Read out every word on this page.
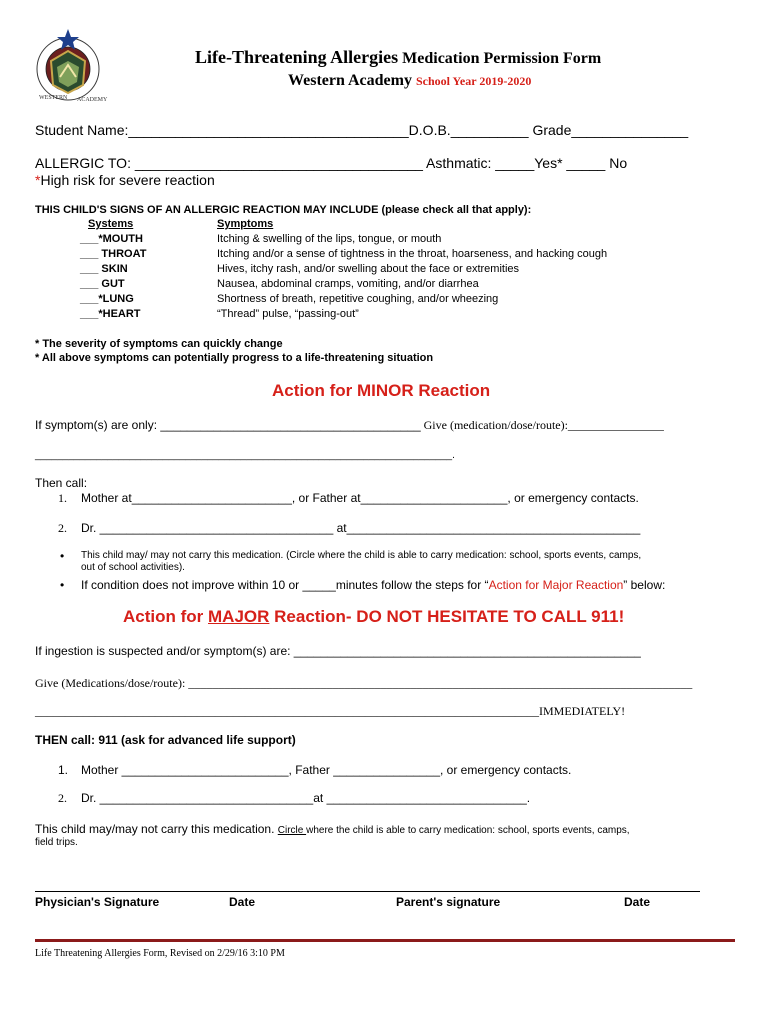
WESTERN ACADEMY
Life-Threatening Allergies Medication Permission Form
Western Academy School Year 2019-2020
Student Name:____________________________________D.O.B.__________ Grade_______________
ALLERGIC TO: _____________________________________ Asthmatic: _____Yes* _____ No
*High risk for severe reaction
THIS CHILD'S SIGNS OF AN ALLERGIC REACTION MAY INCLUDE (please check all that apply):
Systems	Symptoms
___*MOUTH	Itching & swelling of the lips, tongue, or mouth
___ THROAT	Itching and/or a sense of tightness in the throat, hoarseness, and hacking cough
___ SKIN	Hives, itchy rash, and/or swelling about the face or extremities
___ GUT	Nausea, abdominal cramps, vomiting, and/or diarrhea
___*LUNG	Shortness of breath, repetitive coughing, and/or wheezing
___*HEART	“Thread” pulse, “passing-out”
* The severity of symptoms can quickly change
* All above symptoms can potentially progress to a life-threatening situation
Action for MINOR Reaction
If symptom(s) are only: _______________________________________ Give (medication/dose/route):________________
___________________________________________________________________________.
Then call:
1. Mother at________________________, or Father at______________________, or emergency contacts.
2. Dr. ___________________________________ at____________________________________________
• This child may/ may not carry this medication. (Circle where the child is able to carry medication: school, sports events, camps,
out of school activities).
• If condition does not improve within 10 or _____minutes follow the steps for “Action for Major Reaction” below:
Action for MAJOR Reaction- DO NOT HESITATE TO CALL 911!
If ingestion is suspected and/or symptom(s) are: ____________________________________________________
Give (Medications/dose/route): ____________________________________________________________________________________
____________________________________________________________________________________IMMEDIATELY!
THEN call: 911 (ask for advanced life support)
1. Mother _________________________, Father ________________, or emergency contacts.
2. Dr. ________________________________at ______________________________.
This child may/may not carry this medication. Circle where the child is able to carry medication: school, sports events, camps,
field trips.
Physician's Signature	Date	Parent's signature	Date
Life Threatening Allergies Form, Revised on 2/29/16 3:10 PM
